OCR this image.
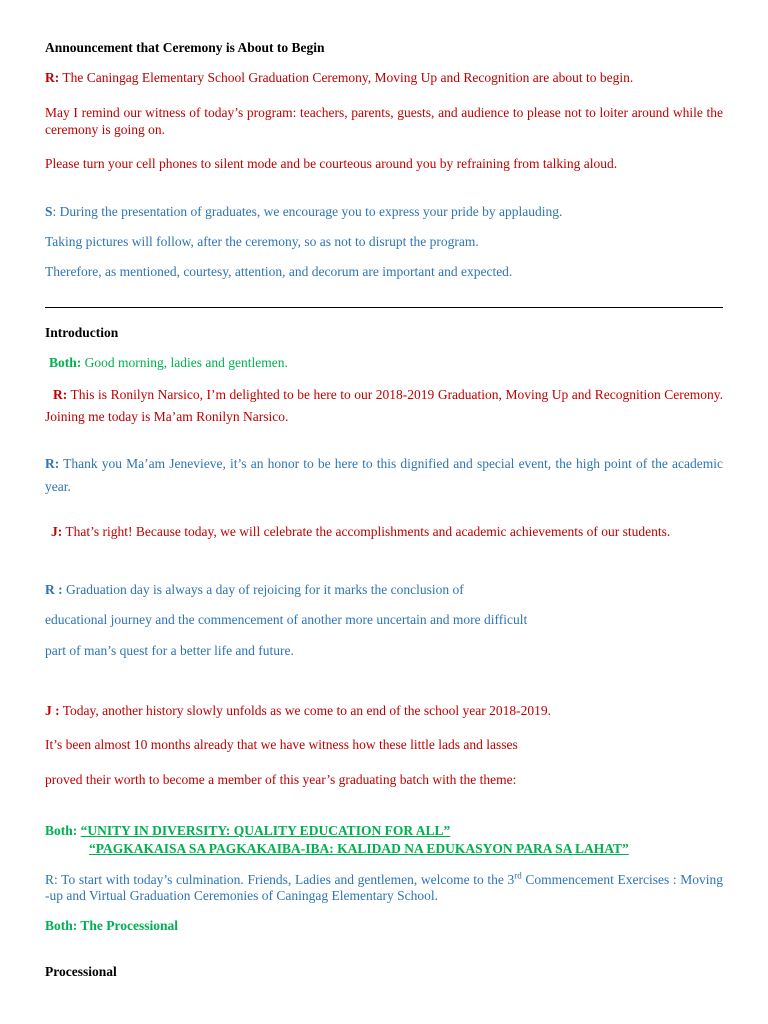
Announcement that Ceremony is About to Begin
R: The Caningag Elementary School Graduation Ceremony, Moving Up and Recognition are about to begin.
May I remind our witness of today’s program: teachers, parents, guests, and audience to please not to loiter around while the ceremony is going on.
Please turn your cell phones to silent mode and be courteous around you by refraining from talking aloud.
S: During the presentation of graduates, we encourage you to express your pride by applauding.
Taking pictures will follow, after the ceremony, so as not to disrupt the program.
Therefore, as mentioned, courtesy, attention, and decorum are important and expected.
Introduction
Both: Good morning, ladies and gentlemen.
R: This is Ronilyn Narsico, I’m delighted to be here to our 2018-2019 Graduation, Moving Up and Recognition Ceremony. Joining me today is Ma’am Ronilyn Narsico.
R: Thank you Ma’am Jenevieve, it’s an honor to be here to this dignified and special event, the high point of the academic year.
J: That’s right! Because today, we will celebrate the accomplishments and academic achievements of our students.
R : Graduation day is always a day of rejoicing for it marks the conclusion of
educational journey and the commencement of another more uncertain and more difficult
part of man’s quest for a better life and future.
J : Today, another history slowly unfolds as we come to an end of the school year 2018-2019.
It’s been almost 10 months already that we have witness how these little lads and lasses
proved their worth to become a member of this year’s graduating batch with the theme:
Both: “UNITY IN DIVERSITY: QUALITY EDUCATION FOR ALL”
“PAGKAKAISA SA PAGKAKAIBA-IBA: KALIDAD NA EDUKASYON PARA SA LAHAT”
R: To start with today’s culmination. Friends, Ladies and gentlemen, welcome to the 3rd Commencement Exercises : Moving -up and Virtual Graduation Ceremonies of Caningag Elementary School.
Both: The Processional
Processional
